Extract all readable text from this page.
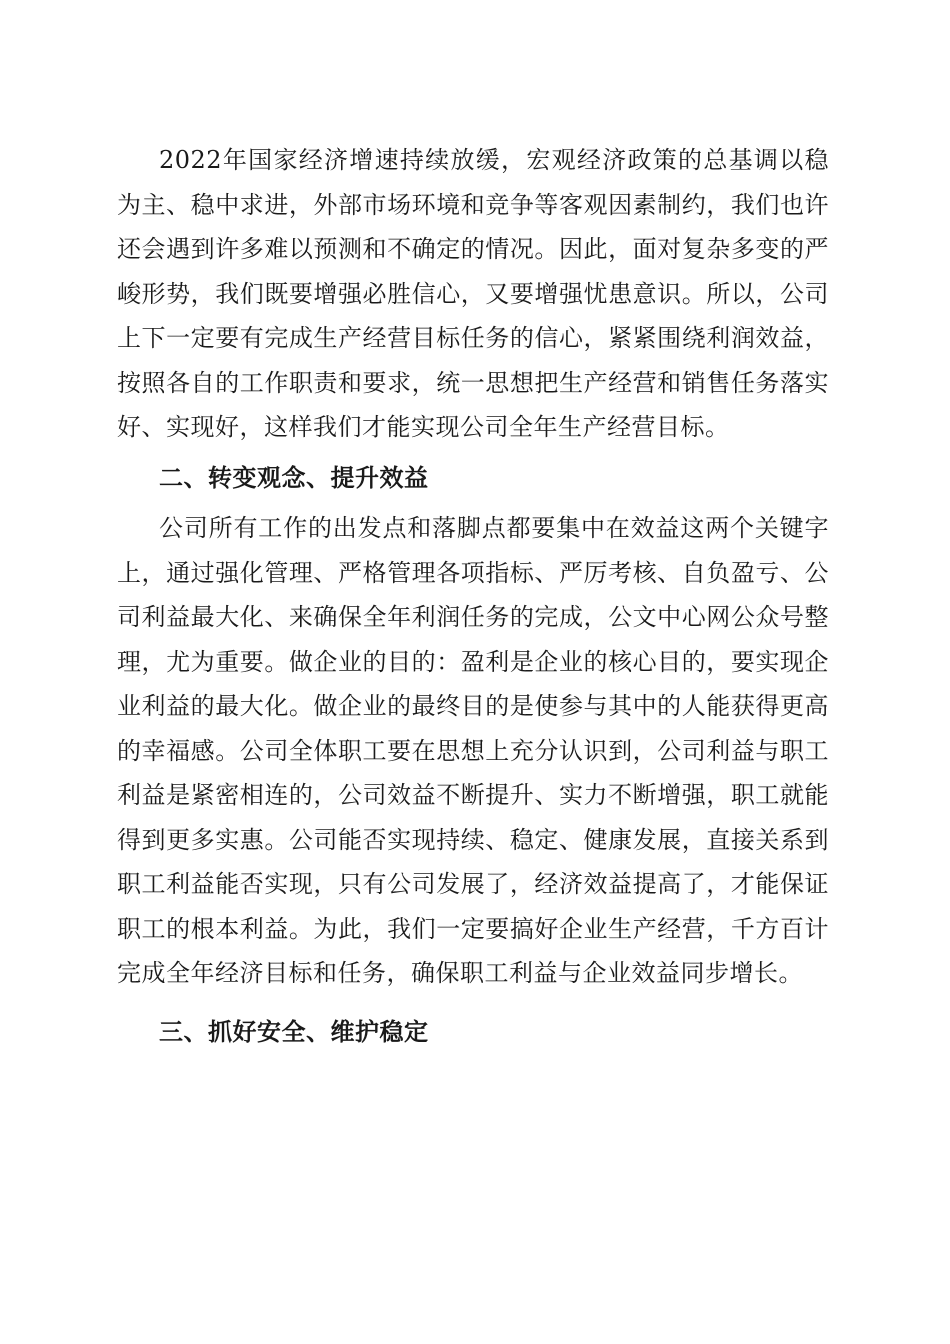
2022年国家经济增速持续放缓，宏观经济政策的总基调以稳为主、稳中求进，外部市场环境和竞争等客观因素制约，我们也许还会遇到许多难以预测和不确定的情况。因此，面对复杂多变的严峻形势，我们既要增强必胜信心，又要增强忧患意识。所以，公司上下一定要有完成生产经营目标任务的信心，紧紧围绕利润效益，按照各自的工作职责和要求，统一思想把生产经营和销售任务落实好、实现好，这样我们才能实现公司全年生产经营目标。

二、转变观念、提升效益

公司所有工作的出发点和落脚点都要集中在效益这两个关键字上，通过强化管理、严格管理各项指标、严厉考核、自负盈亏、公司利益最大化、来确保全年利润任务的完成，公文中心网公众号整理，尤为重要。做企业的目的：盈利是企业的核心目的，要实现企业利益的最大化。做企业的最终目的是使参与其中的人能获得更高的幸福感。公司全体职工要在思想上充分认识到，公司利益与职工利益是紧密相连的，公司效益不断提升、实力不断增强，职工就能得到更多实惠。公司能否实现持续、稳定、健康发展，直接关系到职工利益能否实现，只有公司发展了，经济效益提高了，才能保证职工的根本利益。为此，我们一定要搞好企业生产经营，千方百计完成全年经济目标和任务，确保职工利益与企业效益同步增长。

三、抓好安全、维护稳定
